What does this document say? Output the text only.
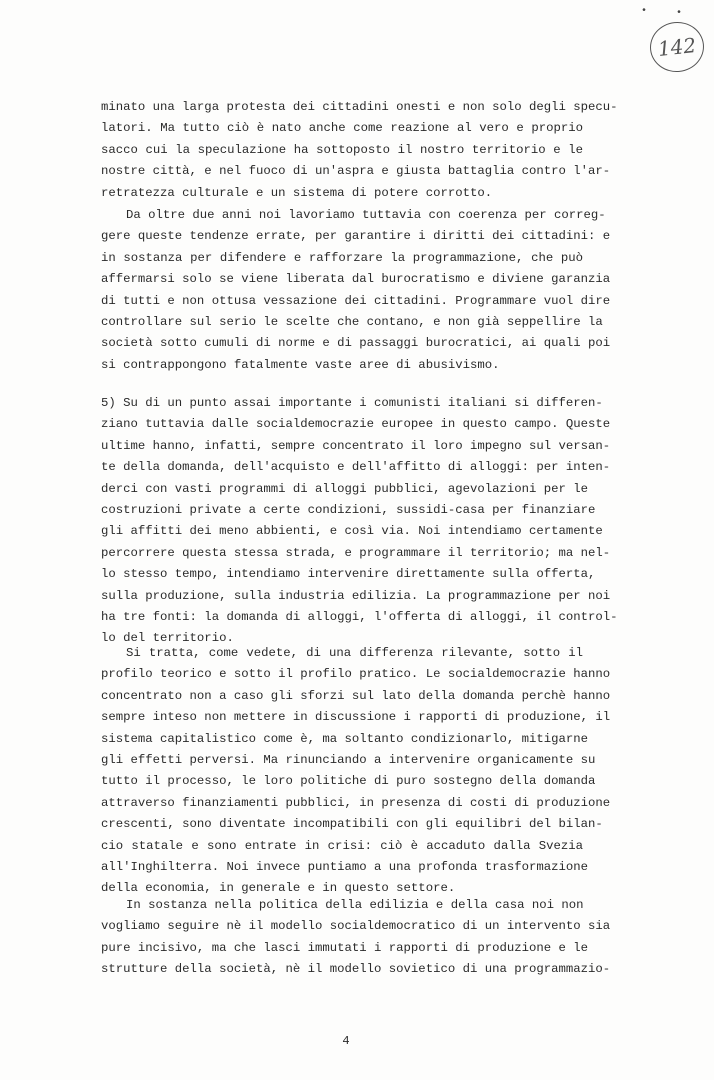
•	•
142
minato una larga protesta dei cittadini onesti e non solo degli specu-
latori. Ma tutto ciò è nato anche come reazione al vero e proprio
sacco cui la speculazione ha sottoposto il nostro territorio e le
nostre città, e nel fuoco di un'aspra e giusta battaglia contro l'ar-
retratezza culturale e un sistema di potere corrotto.
Da oltre due anni noi lavoriamo tuttavia con coerenza per correg-
gere queste tendenze errate, per garantire i diritti dei cittadini: e
in sostanza per difendere e rafforzare la programmazione, che può
affermarsi solo se viene liberata dal burocratismo e diviene garanzia
di tutti e non ottusa vessazione dei cittadini. Programmare vuol dire
controllare sul serio le scelte che contano, e non già seppellire la
società sotto cumuli di norme e di passaggi burocratici, ai quali poi
si contrappongono fatalmente vaste aree di abusivismo.
5) Su di un punto assai importante i comunisti italiani si differen-
ziano tuttavia dalle socialdemocrazie europee in questo campo. Queste
ultime hanno, infatti, sempre concentrato il loro impegno sul versan-
te della domanda, dell'acquisto e dell'affitto di alloggi: per inten-
derci con vasti programmi di alloggi pubblici, agevolazioni per le
costruzioni private a certe condizioni, sussidi-casa per finanziare
gli affitti dei meno abbienti, e così via. Noi intendiamo certamente
percorrere questa stessa strada, e programmare il territorio; ma nel-
lo stesso tempo, intendiamo intervenire direttamente sulla offerta,
sulla produzione, sulla industria edilizia. La programmazione per noi
ha tre fonti: la domanda di alloggi, l'offerta di alloggi, il control-
lo del territorio.
Si tratta, come vedete, di una differenza rilevante, sotto il
profilo teorico e sotto il profilo pratico. Le socialdemocrazie hanno
concentrato non a caso gli sforzi sul lato della domanda perchè hanno
sempre inteso non mettere in discussione i rapporti di produzione, il
sistema capitalistico come è, ma soltanto condizionarlo, mitigarne
gli effetti perversi. Ma rinunciando a intervenire organicamente su
tutto il processo, le loro politiche di puro sostegno della domanda
attraverso finanziamenti pubblici, in presenza di costi di produzione
crescenti, sono diventate incompatibili con gli equilibri del bilan-
cio statale e sono entrate in crisi: ciò è accaduto dalla Svezia
all'Inghilterra. Noi invece puntiamo a una profonda trasformazione
della economia, in generale e in questo settore.
In sostanza nella politica della edilizia e della casa noi non
vogliamo seguire nè il modello socialdemocratico di un intervento sia
pure incisivo, ma che lasci immutati i rapporti di produzione e le
strutture della società, nè il modello sovietico di una programmazio-
4
